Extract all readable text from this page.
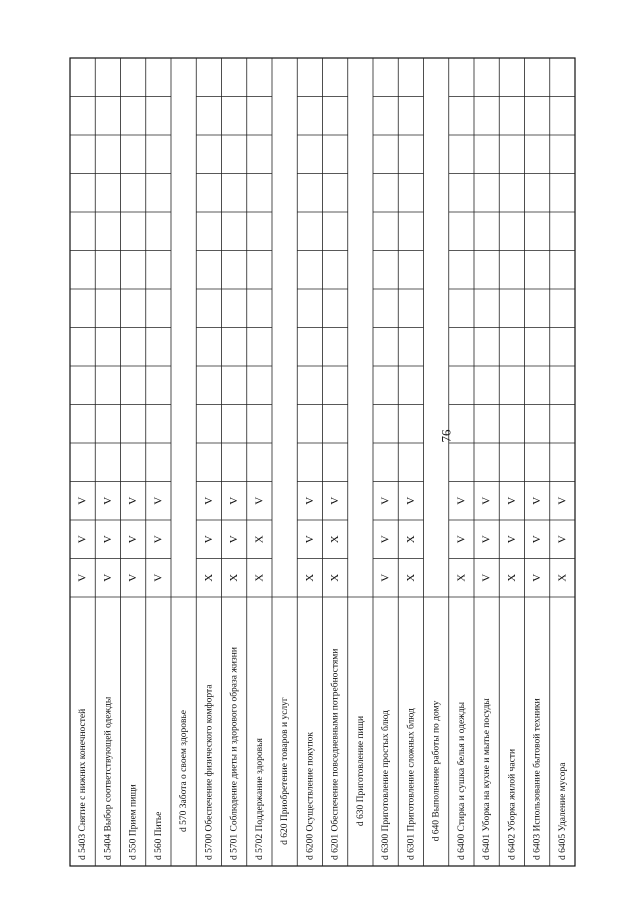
76
d 5403 Снятие с нижних конечностей
V
V
V
d 5404 Выбор соответствующей одежды
V
V
V
d 550 Прием пищи
V
V
V
d 560 Питье
V
V
V
d 570 Забота о своем здоровье d 5700 Обеспечение физического комфорта
X
V
V
d 5701 Соблюдение диеты и здорового образа жизни
X
V
V
d 5702 Поддержание здоровья
X
X
V
d 620 Приобретение товаров и услуг d 6200 Осуществление покупок
X
V
V
d 6201 Обеспечение повседневными потребностями
X
X
V
d 630 Приготовление пищи d 6300 Приготовление простых блюд
V
V
V
d 6301 Приготовление сложных блюд
X
X
V
d 640 Выполнение работы по дому d 6400 Стирка и сушка белья и одежды
X
V
V
d 6401 Уборка на кухне и мытье посуды
V
V
V
d 6402 Уборка жилой части
X
V
V
d 6403 Использование бытовой техники
V
V
V
d 6405 Удаление мусора
X
V
V
